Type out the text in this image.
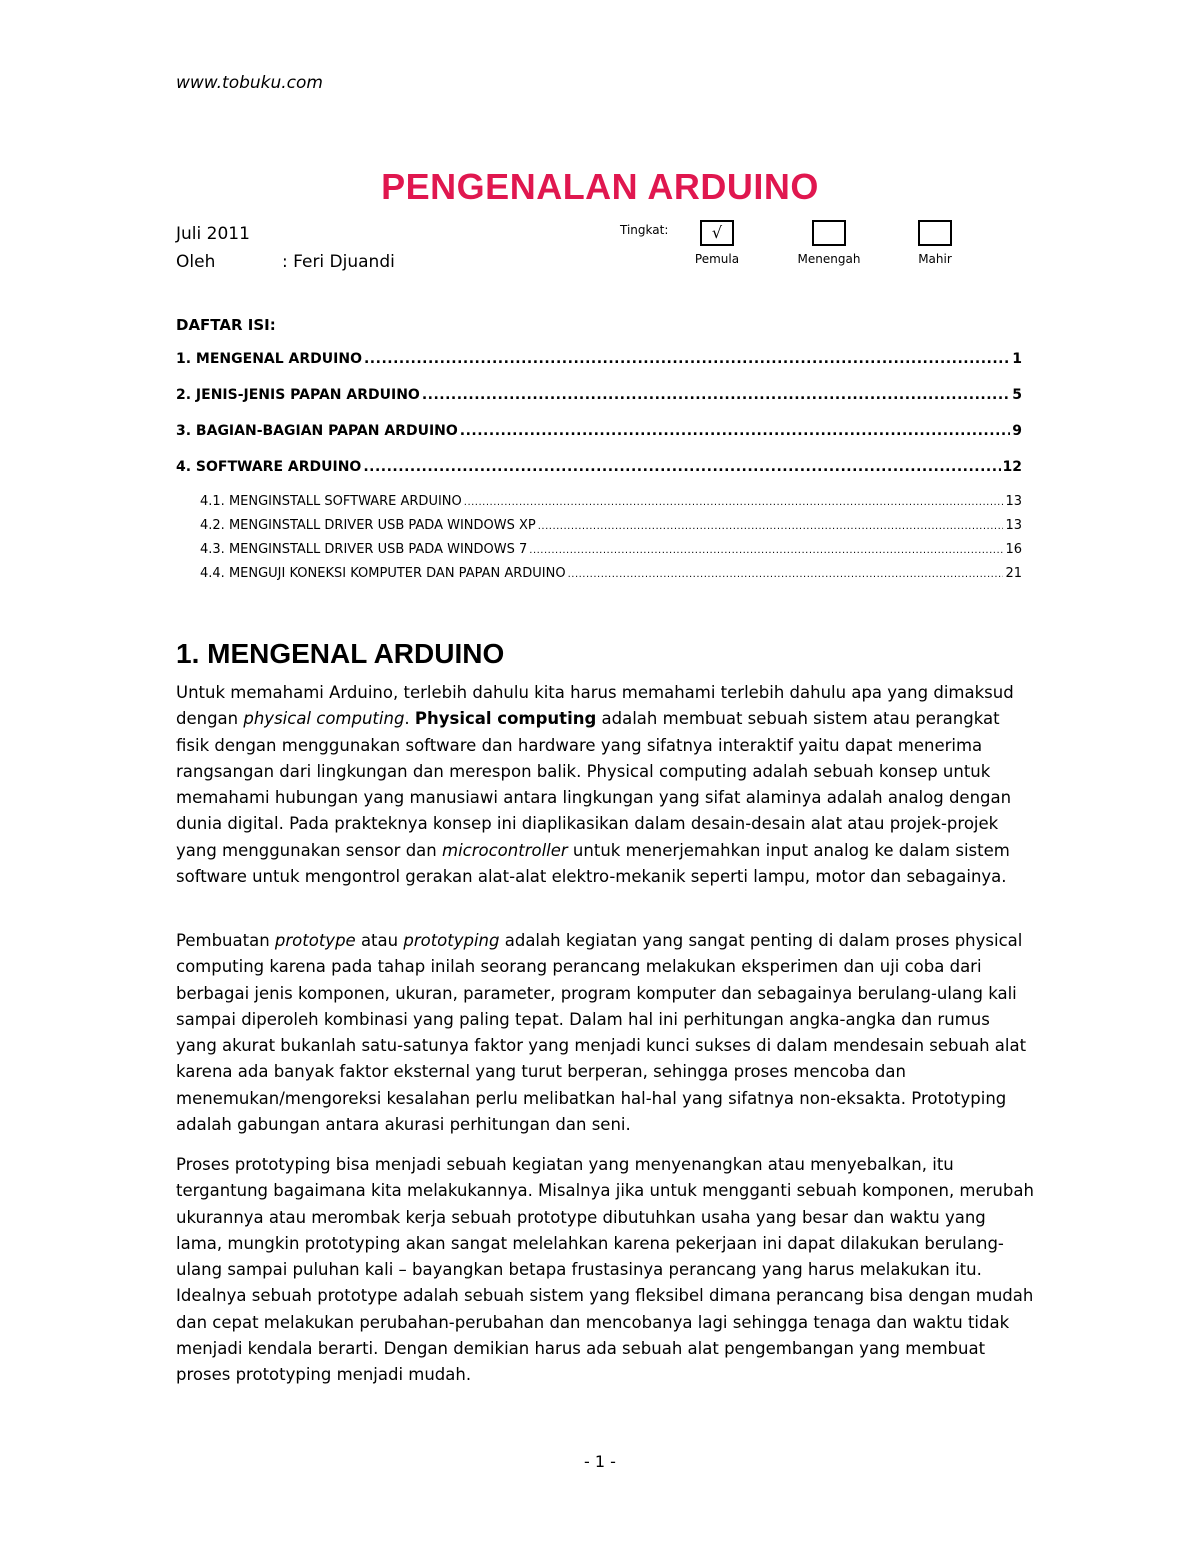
www.tobuku.com
PENGENALAN ARDUINO
Juli 2011
Oleh	: Feri Djuandi
Tingkat:	√
Pemula	Menengah	Mahir
DAFTAR ISI:
1. MENGENAL ARDUINO .....	1
2. JENIS-JENIS PAPAN ARDUINO .....	5
3. BAGIAN-BAGIAN PAPAN ARDUINO .....	9
4. SOFTWARE ARDUINO .....	12
4.1. MENGINSTALL SOFTWARE ARDUINO .....	13
4.2. MENGINSTALL DRIVER USB PADA WINDOWS XP .....	13
4.3. MENGINSTALL DRIVER USB PADA WINDOWS 7 .....	16
4.4. MENGUJI KONEKSI KOMPUTER DAN PAPAN ARDUINO .....	21
1. MENGENAL ARDUINO

Untuk memahami Arduino, terlebih dahulu kita harus memahami terlebih dahulu apa yang dimaksud dengan physical computing. Physical computing adalah membuat sebuah sistem atau perangkat fisik dengan menggunakan software dan hardware yang sifatnya interaktif yaitu dapat menerima rangsangan dari lingkungan dan merespon balik. Physical computing adalah sebuah konsep untuk memahami hubungan yang manusiawi antara lingkungan yang sifat alaminya adalah analog dengan dunia digital. Pada prakteknya konsep ini diaplikasikan dalam desain-desain alat atau projek-projek yang menggunakan sensor dan microcontroller untuk menerjemahkan input analog ke dalam sistem software untuk mengontrol gerakan alat-alat elektro-mekanik seperti lampu, motor dan sebagainya.

Pembuatan prototype atau prototyping adalah kegiatan yang sangat penting di dalam proses physical computing karena pada tahap inilah seorang perancang melakukan eksperimen dan uji coba dari berbagai jenis komponen, ukuran, parameter, program komputer dan sebagainya berulang-ulang kali sampai diperoleh kombinasi yang paling tepat. Dalam hal ini perhitungan angka-angka dan rumus yang akurat bukanlah satu-satunya faktor yang menjadi kunci sukses di dalam mendesain sebuah alat karena ada banyak faktor eksternal yang turut berperan, sehingga proses mencoba dan menemukan/mengoreksi kesalahan perlu melibatkan hal-hal yang sifatnya non-eksakta. Prototyping adalah gabungan antara akurasi perhitungan dan seni.

Proses prototyping bisa menjadi sebuah kegiatan yang menyenangkan atau menyebalkan, itu tergantung bagaimana kita melakukannya. Misalnya jika untuk mengganti sebuah komponen, merubah ukurannya atau merombak kerja sebuah prototype dibutuhkan usaha yang besar dan waktu yang lama, mungkin prototyping akan sangat melelahkan karena pekerjaan ini dapat dilakukan berulang-ulang sampai puluhan kali – bayangkan betapa frustasinya perancang yang harus melakukan itu. Idealnya sebuah prototype adalah sebuah sistem yang fleksibel dimana perancang bisa dengan mudah dan cepat melakukan perubahan-perubahan dan mencobanya lagi sehingga tenaga dan waktu tidak menjadi kendala berarti. Dengan demikian harus ada sebuah alat pengembangan yang membuat proses prototyping menjadi mudah.

- 1 -
